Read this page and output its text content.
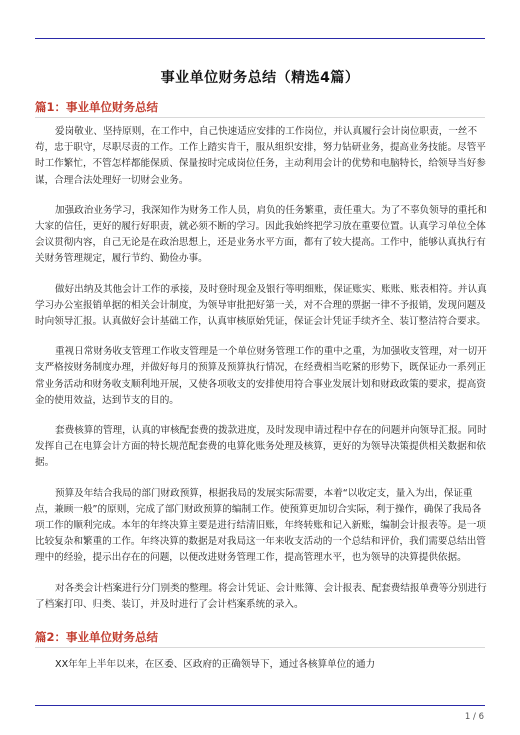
事业单位财务总结（精选4篇）
篇1：事业单位财务总结

爱岗敬业、坚持原则，在工作中，自己快速适应安排的工作岗位，并认真履行会计岗位职责，一丝不苟，忠于职守，尽职尽责的工作。工作上踏实肯干，服从组织安排，努力钻研业务，提高业务技能。尽管平时工作繁忙，不管怎样都能保质、保量按时完成岗位任务，主动利用会计的优势和电脑特长，给领导当好参谋，合理合法处理好一切财会业务。

加强政治业务学习，我深知作为财务工作人员，肩负的任务繁重，责任重大。为了不辜负领导的重托和大家的信任，更好的履行好职责，就必须不断的学习。因此我始终把学习放在重要位置。认真学习单位全体会议贯彻内容，自己无论是在政治思想上，还是业务水平方面，都有了较大提高。工作中，能够认真执行有关财务管理规定，履行节约、勤俭办事。

做好出纳及其他会计工作的承接，及时登时现金及银行等明细账，保证账实、账账、账表相符。并认真学习办公室报销单据的相关会计制度，为领导审批把好第一关，对不合理的票据一律不予报销，发现问题及时向领导汇报。认真做好会计基础工作，认真审核原始凭证，保证会计凭证手续齐全、装订整洁符合要求。

重视日常财务收支管理工作收支管理是一个单位财务管理工作的重中之重，为加强收支管理，对一切开支严格按财务制度办理，并做好每月的预算及预算执行情况，在经费相当吃紧的形势下，既保证办一系列正常业务活动和财务收支顺利地开展，又使各项收支的安排使用符合事业发展计划和财政政策的要求，提高资金的使用效益，达到节支的目的。

套费核算的管理，认真的审核配套费的拨款进度，及时发现申请过程中存在的问题并向领导汇报。同时发挥自己在电算会计方面的特长规范配套费的电算化账务处理及核算，更好的为领导决策提供相关数据和依据。

预算及年结合我局的部门财政预算，根据我局的发展实际需要，本着“以收定支，量入为出，保证重点，兼顾一般”的原则，完成了部门财政预算的编制工作。使预算更加切合实际，利于操作，确保了我局各项工作的顺利完成。本年的年终决算主要是进行结清旧账，年终转账和记入新账，编制会计报表等。是一项比较复杂和繁重的工作。年终决算的数据是对我局这一年来收支活动的一个总结和评价，我们需要总结出管理中的经验，提示出存在的问题，以便改进财务管理工作，提高管理水平，也为领导的决算提供依据。

对各类会计档案进行分门别类的整理。将会计凭证、会计账簿、会计报表、配套费结报单费等分别进行了档案打印、归类、装订，并及时进行了会计档案系统的录入。

篇2：事业单位财务总结
XX年年上半年以来，在区委、区政府的正确领导下，通过各核算单位的通力
1 / 6
